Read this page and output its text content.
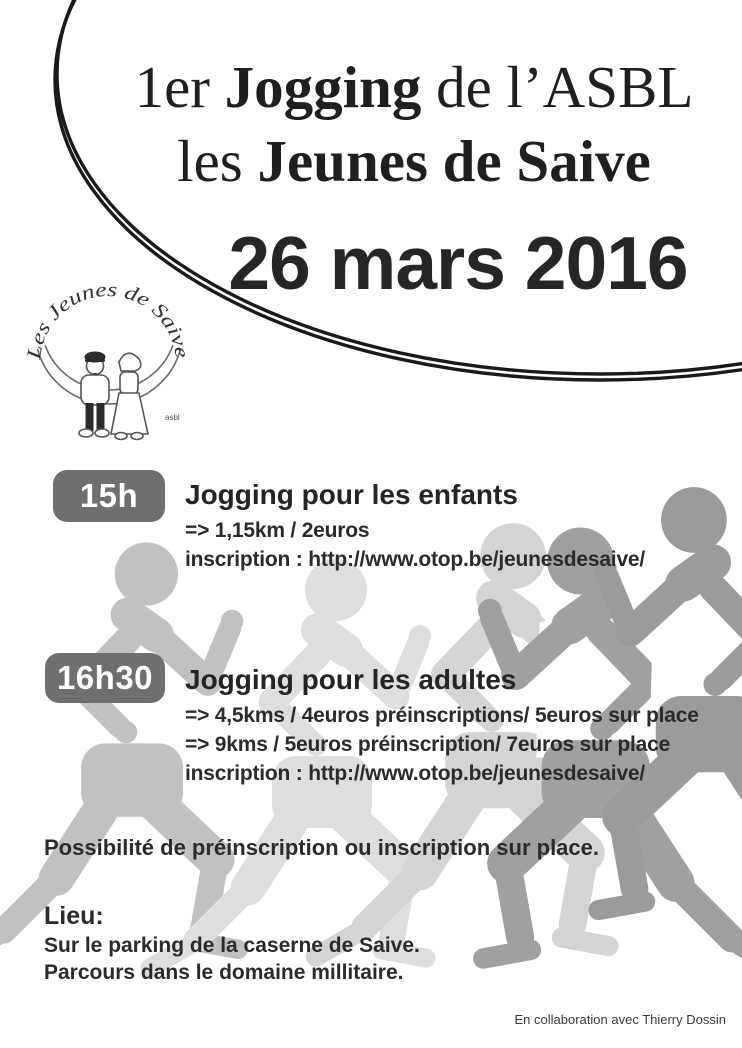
1er Jogging de l’ASBL
les Jeunes de Saive
26 mars 2016
Les Jeunes de Saive
asbl
15h	Jogging pour les enfants
=> 1,15km / 2euros
inscription : http://www.otop.be/jeunesdesaive/
16h30	Jogging pour les adultes
=> 4,5kms / 4euros préinscriptions/ 5euros sur place
=> 9kms / 5euros préinscription/ 7euros sur place
inscription : http://www.otop.be/jeunesdesaive/
Possibilité de préinscription ou inscription sur place.
Lieu:
Sur le parking de la caserne de Saive.
Parcours dans le domaine millitaire.
En collaboration avec Thierry Dossin
